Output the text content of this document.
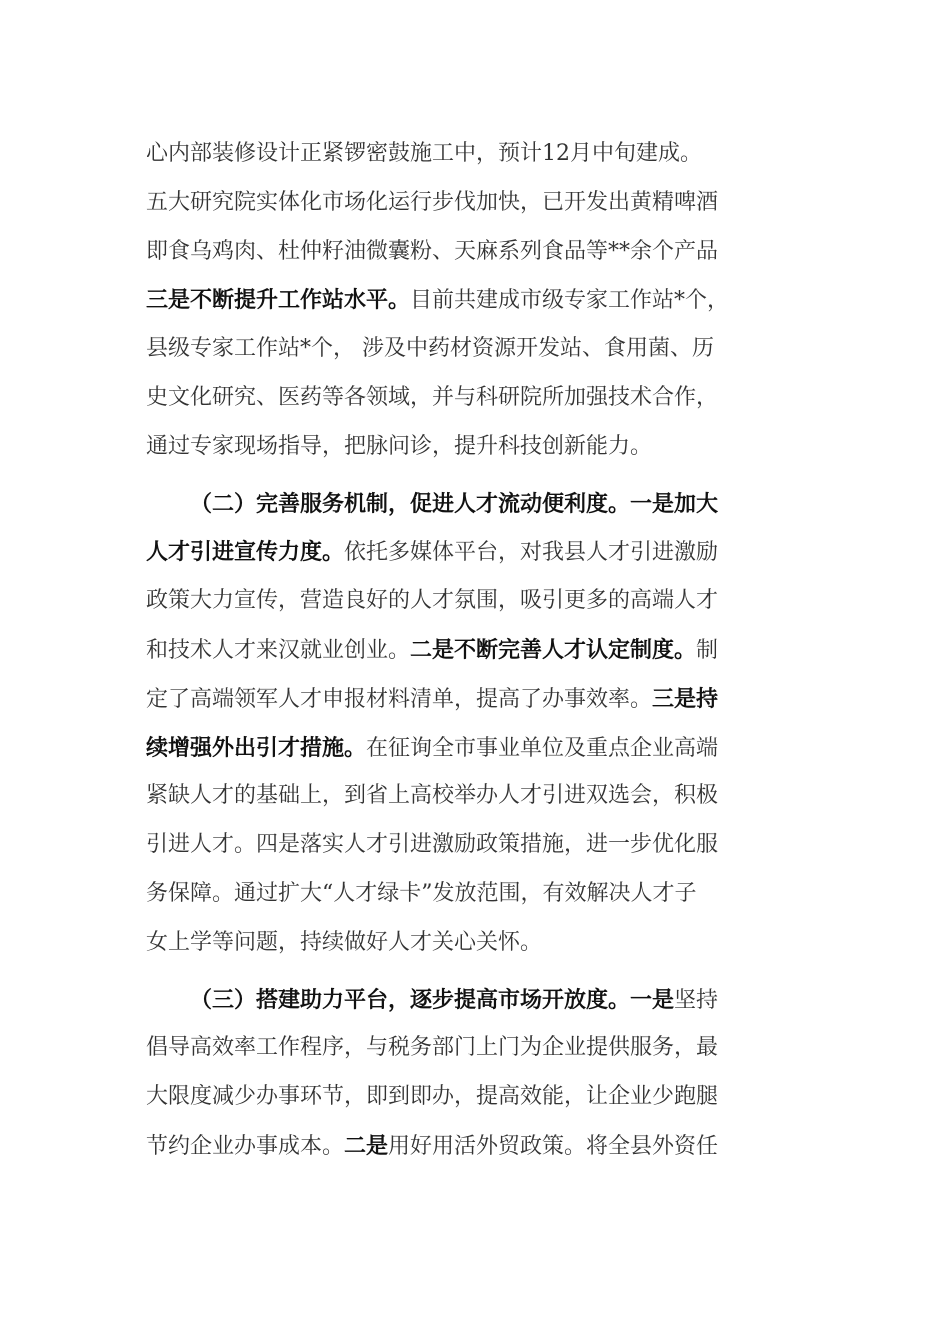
心内部装修设计正紧锣密鼓施工中，预计12月中旬建成。
五大研究院实体化市场化运行步伐加快，已开发出黄精啤酒
即食乌鸡肉、杜仲籽油微囊粉、天麻系列食品等**余个产品
三是不断提升工作站水平。目前共建成市级专家工作站*个，
县级专家工作站*个， 涉及中药材资源开发站、食用菌、历
史文化研究、医药等各领域，并与科研院所加强技术合作，
通过专家现场指导，把脉问诊，提升科技创新能力。
（二）完善服务机制，促进人才流动便利度。一是加大
人才引进宣传力度。依托多媒体平台，对我县人才引进激励
政策大力宣传，营造良好的人才氛围，吸引更多的高端人才
和技术人才来汉就业创业。二是不断完善人才认定制度。制
定了高端领军人才申报材料清单，提高了办事效率。三是持
续增强外出引才措施。在征询全市事业单位及重点企业高端
紧缺人才的基础上，到省上高校举办人才引进双选会，积极
引进人才。四是落实人才引进激励政策措施，进一步优化服
务保障。通过扩大“人才绿卡”发放范围，有效解决人才子
女上学等问题，持续做好人才关心关怀。
（三）搭建助力平台，逐步提高市场开放度。一是坚持
倡导高效率工作程序，与税务部门上门为企业提供服务，最
大限度减少办事环节，即到即办，提高效能，让企业少跑腿
节约企业办事成本。二是用好用活外贸政策。将全县外资任
